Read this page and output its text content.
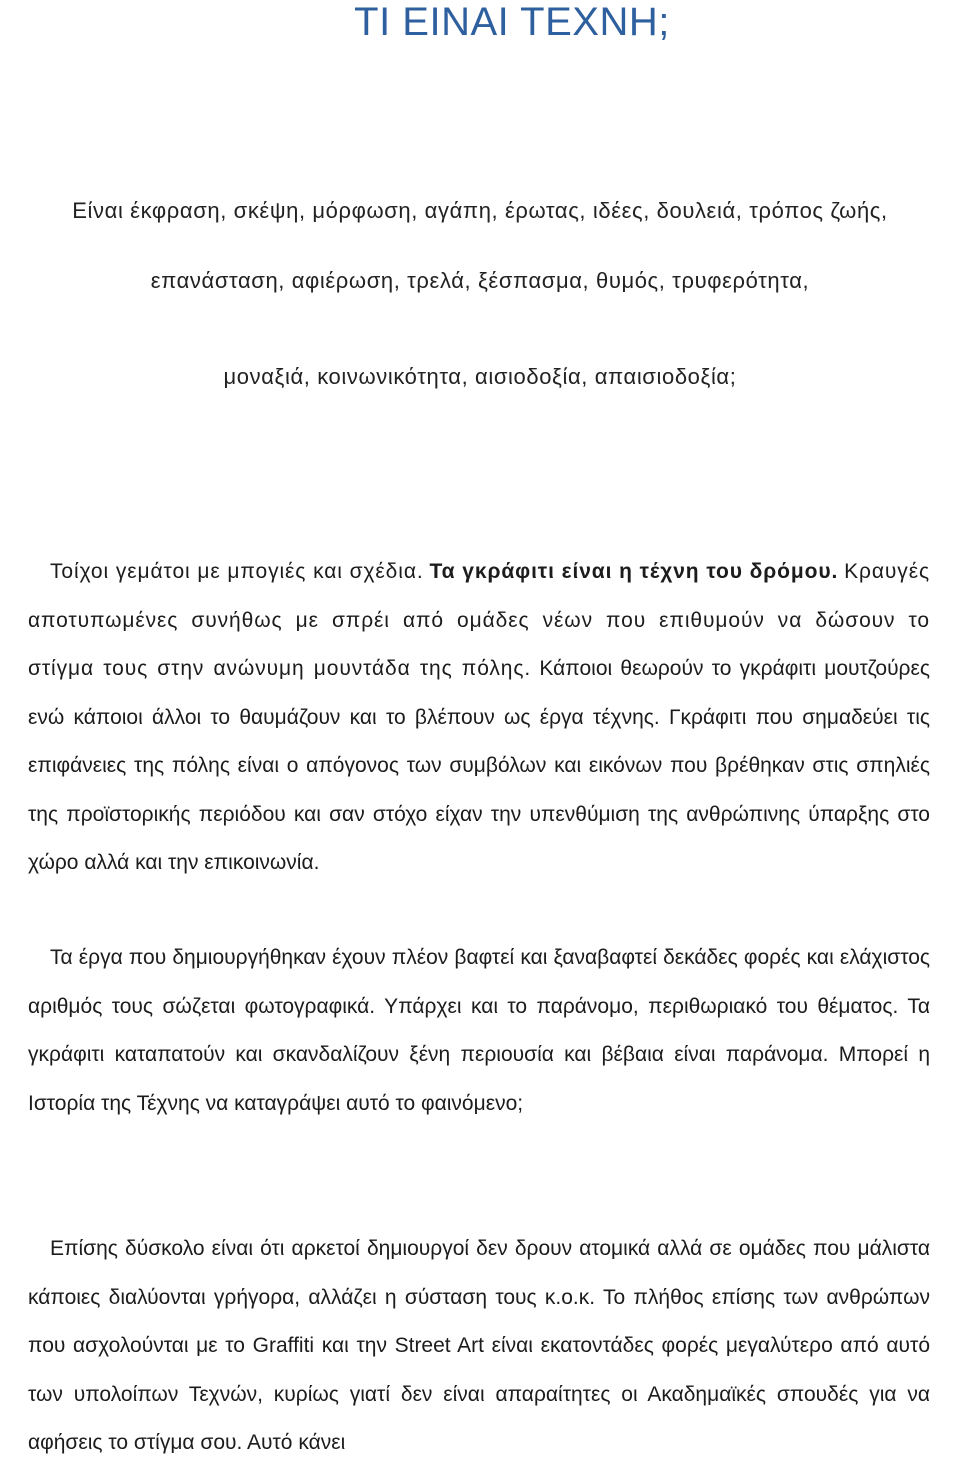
ΤΙ ΕΙΝΑΙ ΤΕΧΝΗ;
Είναι έκφραση, σκέψη, μόρφωση, αγάπη, έρωτας, ιδέες, δουλειά, τρόπος ζωής,
επανάσταση, αφιέρωση, τρελά, ξέσπασμα, θυμός, τρυφερότητα,
μοναξιά, κοινωνικότητα, αισιοδοξία, απαισιοδοξία;

Τοίχοι γεμάτοι με μπογιές και σχέδια. Τα γκράφιτι είναι η τέχνη του δρόμου. Κραυγές αποτυπωμένες συνήθως με σπρέι από ομάδες νέων που επιθυμούν να δώσουν το στίγμα τους στην ανώνυμη μουντάδα της πόλης. Κάποιοι θεωρούν το γκράφιτι μουτζούρες ενώ κάποιοι άλλοι το θαυμάζουν και το βλέπουν ως έργα τέχνης. Γκράφιτι που σημαδεύει τις επιφάνειες της πόλης είναι ο απόγονος των συμβόλων και εικόνων που βρέθηκαν στις σπηλιές της προϊστορικής περιόδου και σαν στόχο είχαν την υπενθύμιση της ανθρώπινης ύπαρξης στο χώρο αλλά και την επικοινωνία.

Τα έργα που δημιουργήθηκαν έχουν πλέον βαφτεί και ξαναβαφτεί δεκάδες φορές και ελάχιστος αριθμός τους σώζεται φωτογραφικά. Υπάρχει και το παράνομο, περιθωριακό του θέματος. Τα γκράφιτι καταπατούν και σκανδαλίζουν ξένη περιουσία και βέβαια είναι παράνομα. Μπορεί η Ιστορία της Τέχνης να καταγράψει αυτό το φαινόμενο;

Επίσης δύσκολο είναι ότι αρκετοί δημιουργοί δεν δρουν ατομικά αλλά σε ομάδες που μάλιστα κάποιες διαλύονται γρήγορα, αλλάζει η σύσταση τους κ.ο.κ. Το πλήθος επίσης των ανθρώπων που ασχολούνται με το Graffiti και την Street Art είναι εκατοντάδες φορές μεγαλύτερο από αυτό των υπολοίπων Τεχνών, κυρίως γιατί δεν είναι απαραίτητες οι Ακαδημαϊκές σπουδές για να αφήσεις το στίγμα σου. Αυτό κάνει
